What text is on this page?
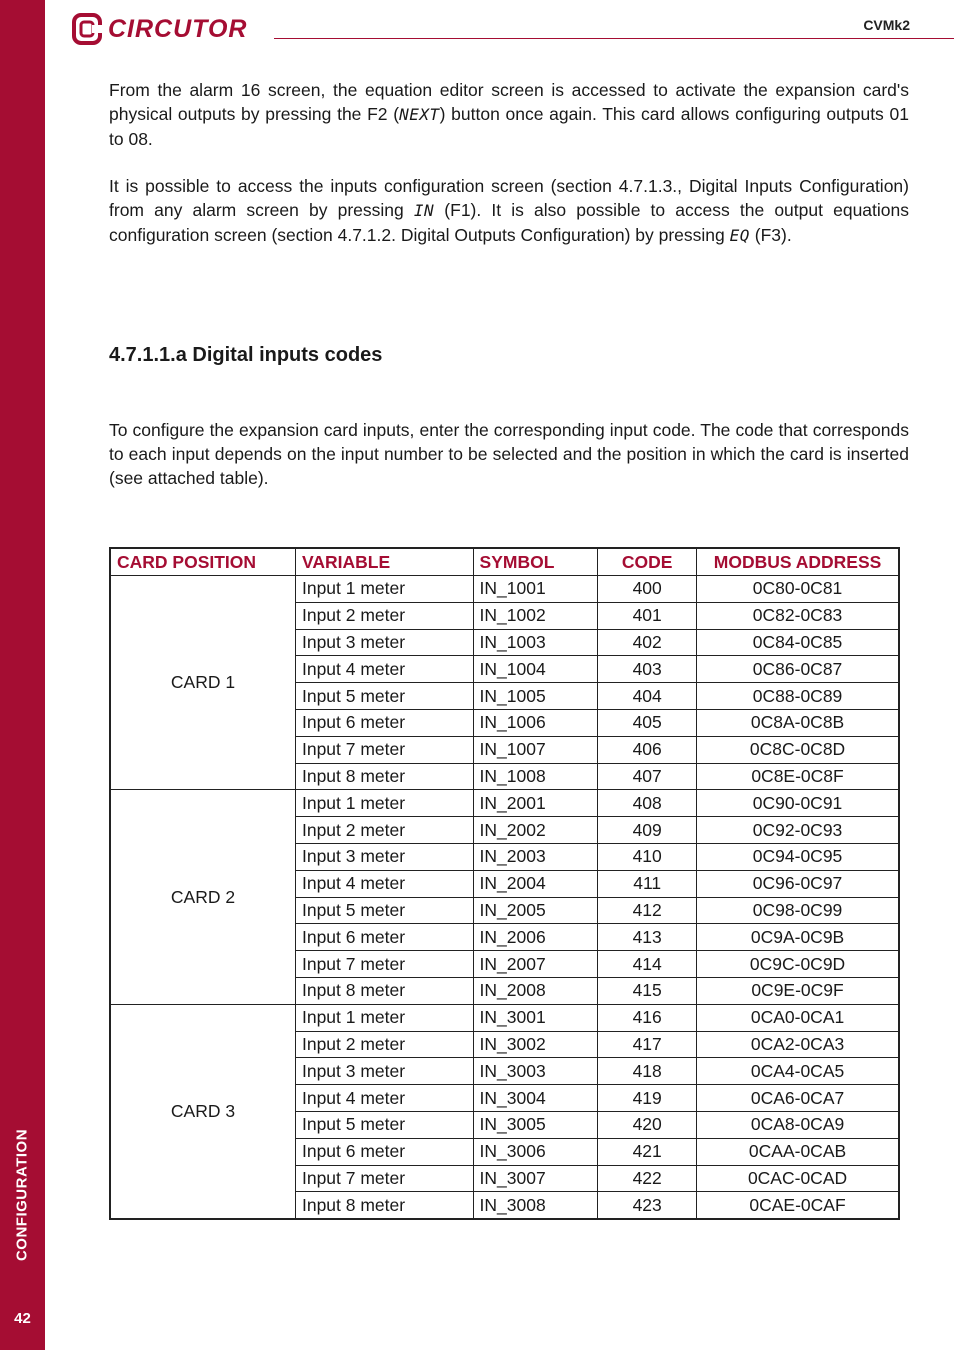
CONFIGURATION
42
CIRCUTOR	CVMk2

From the alarm 16 screen, the equation editor screen is accessed to activate the expansion card's physical outputs by pressing the F2 (NEXT) button once again. This card allows configuring outputs 01 to 08.

It is possible to access the inputs configuration screen (section 4.7.1.3., Digital Inputs Configuration) from any alarm screen by pressing IN (F1). It is also possible to access the output equations configuration screen (section 4.7.1.2. Digital Outputs Configuration) by pressing EQ (F3).

4.7.1.1.a Digital inputs codes

To configure the expansion card inputs, enter the corresponding input code. The code that corresponds to each input depends on the input number to be selected and the position in which the card is inserted (see attached table).

CARD POSITION	VARIABLE	SYMBOL	CODE	MODBUS ADDRESS
CARD 1	Input 1 meter	IN_1001	400	0C80-0C81
	Input 2 meter	IN_1002	401	0C82-0C83
	Input 3 meter	IN_1003	402	0C84-0C85
	Input 4 meter	IN_1004	403	0C86-0C87
	Input 5 meter	IN_1005	404	0C88-0C89
	Input 6 meter	IN_1006	405	0C8A-0C8B
	Input 7 meter	IN_1007	406	0C8C-0C8D
	Input 8 meter	IN_1008	407	0C8E-0C8F
CARD 2	Input 1 meter	IN_2001	408	0C90-0C91
	Input 2 meter	IN_2002	409	0C92-0C93
	Input 3 meter	IN_2003	410	0C94-0C95
	Input 4 meter	IN_2004	411	0C96-0C97
	Input 5 meter	IN_2005	412	0C98-0C99
	Input 6 meter	IN_2006	413	0C9A-0C9B
	Input 7 meter	IN_2007	414	0C9C-0C9D
	Input 8 meter	IN_2008	415	0C9E-0C9F
CARD 3	Input 1 meter	IN_3001	416	0CA0-0CA1
	Input 2 meter	IN_3002	417	0CA2-0CA3
	Input 3 meter	IN_3003	418	0CA4-0CA5
	Input 4 meter	IN_3004	419	0CA6-0CA7
	Input 5 meter	IN_3005	420	0CA8-0CA9
	Input 6 meter	IN_3006	421	0CAA-0CAB
	Input 7 meter	IN_3007	422	0CAC-0CAD
	Input 8 meter	IN_3008	423	0CAE-0CAF
